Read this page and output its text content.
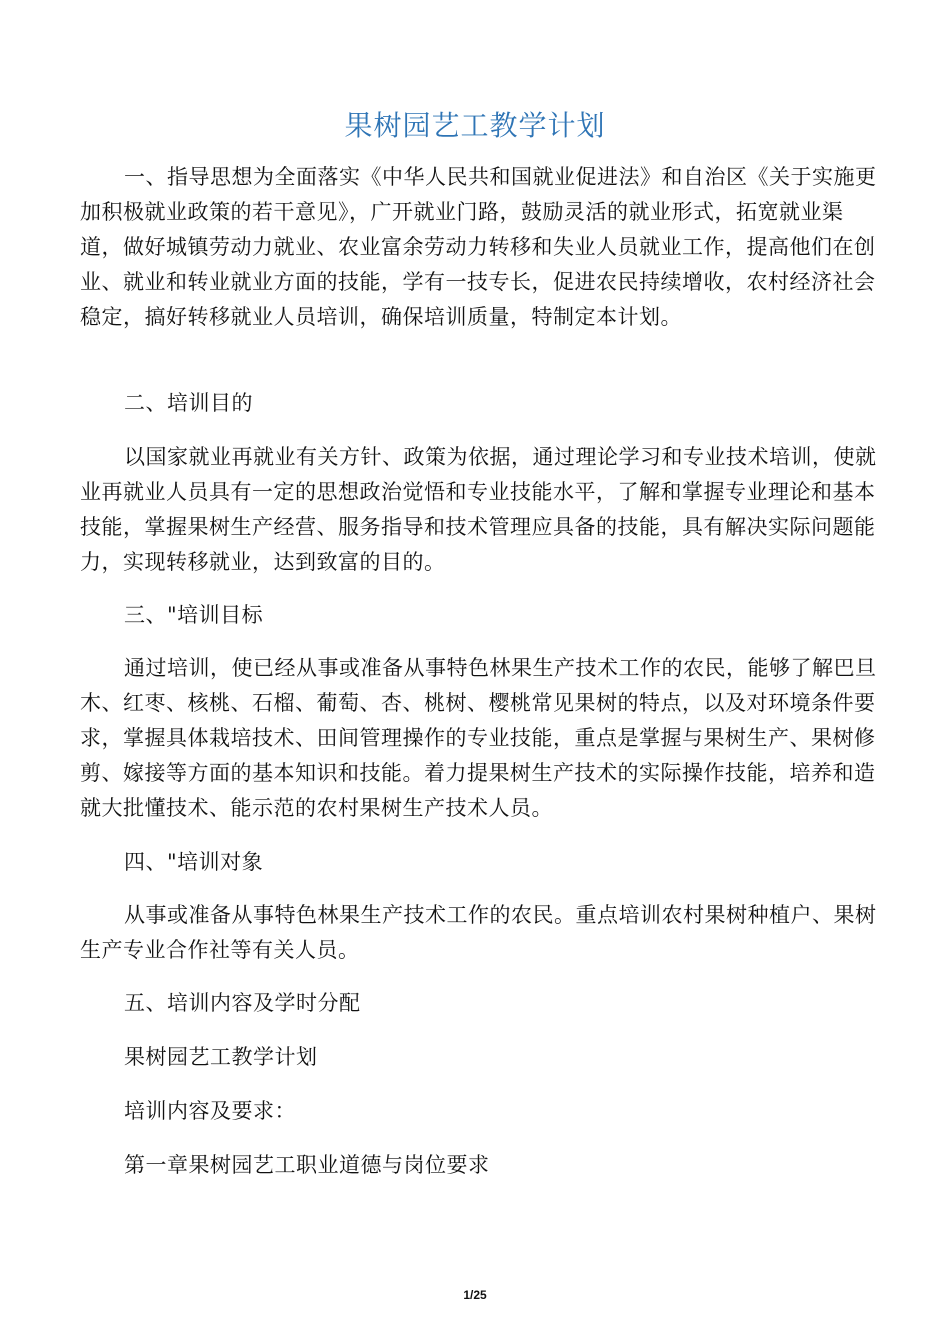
果树园艺工教学计划

一、指导思想为全面落实《中华人民共和国就业促进法》和自治区《关于实施更加积极就业政策的若干意见》，广开就业门路，鼓励灵活的就业形式，拓宽就业渠道，做好城镇劳动力就业、农业富余劳动力转移和失业人员就业工作，提高他们在创业、就业和转业就业方面的技能，学有一技专长，促进农民持续增收，农村经济社会稳定，搞好转移就业人员培训，确保培训质量，特制定本计划。

二、培训目的

以国家就业再就业有关方针、政策为依据，通过理论学习和专业技术培训，使就业再就业人员具有一定的思想政治觉悟和专业技能水平，了解和掌握专业理论和基本技能，掌握果树生产经营、服务指导和技术管理应具备的技能，具有解决实际问题能力，实现转移就业，达到致富的目的。

三、"培训目标

通过培训，使已经从事或准备从事特色林果生产技术工作的农民，能够了解巴旦木、红枣、核桃、石榴、葡萄、杏、桃树、樱桃常见果树的特点，以及对环境条件要求，掌握具体栽培技术、田间管理操作的专业技能，重点是掌握与果树生产、果树修剪、嫁接等方面的基本知识和技能。着力提果树生产技术的实际操作技能，培养和造就大批懂技术、能示范的农村果树生产技术人员。

四、"培训对象

从事或准备从事特色林果生产技术工作的农民。重点培训农村果树种植户、果树生产专业合作社等有关人员。

五、培训内容及学时分配

果树园艺工教学计划

培训内容及要求：

第一章果树园艺工职业道德与岗位要求

1/25
